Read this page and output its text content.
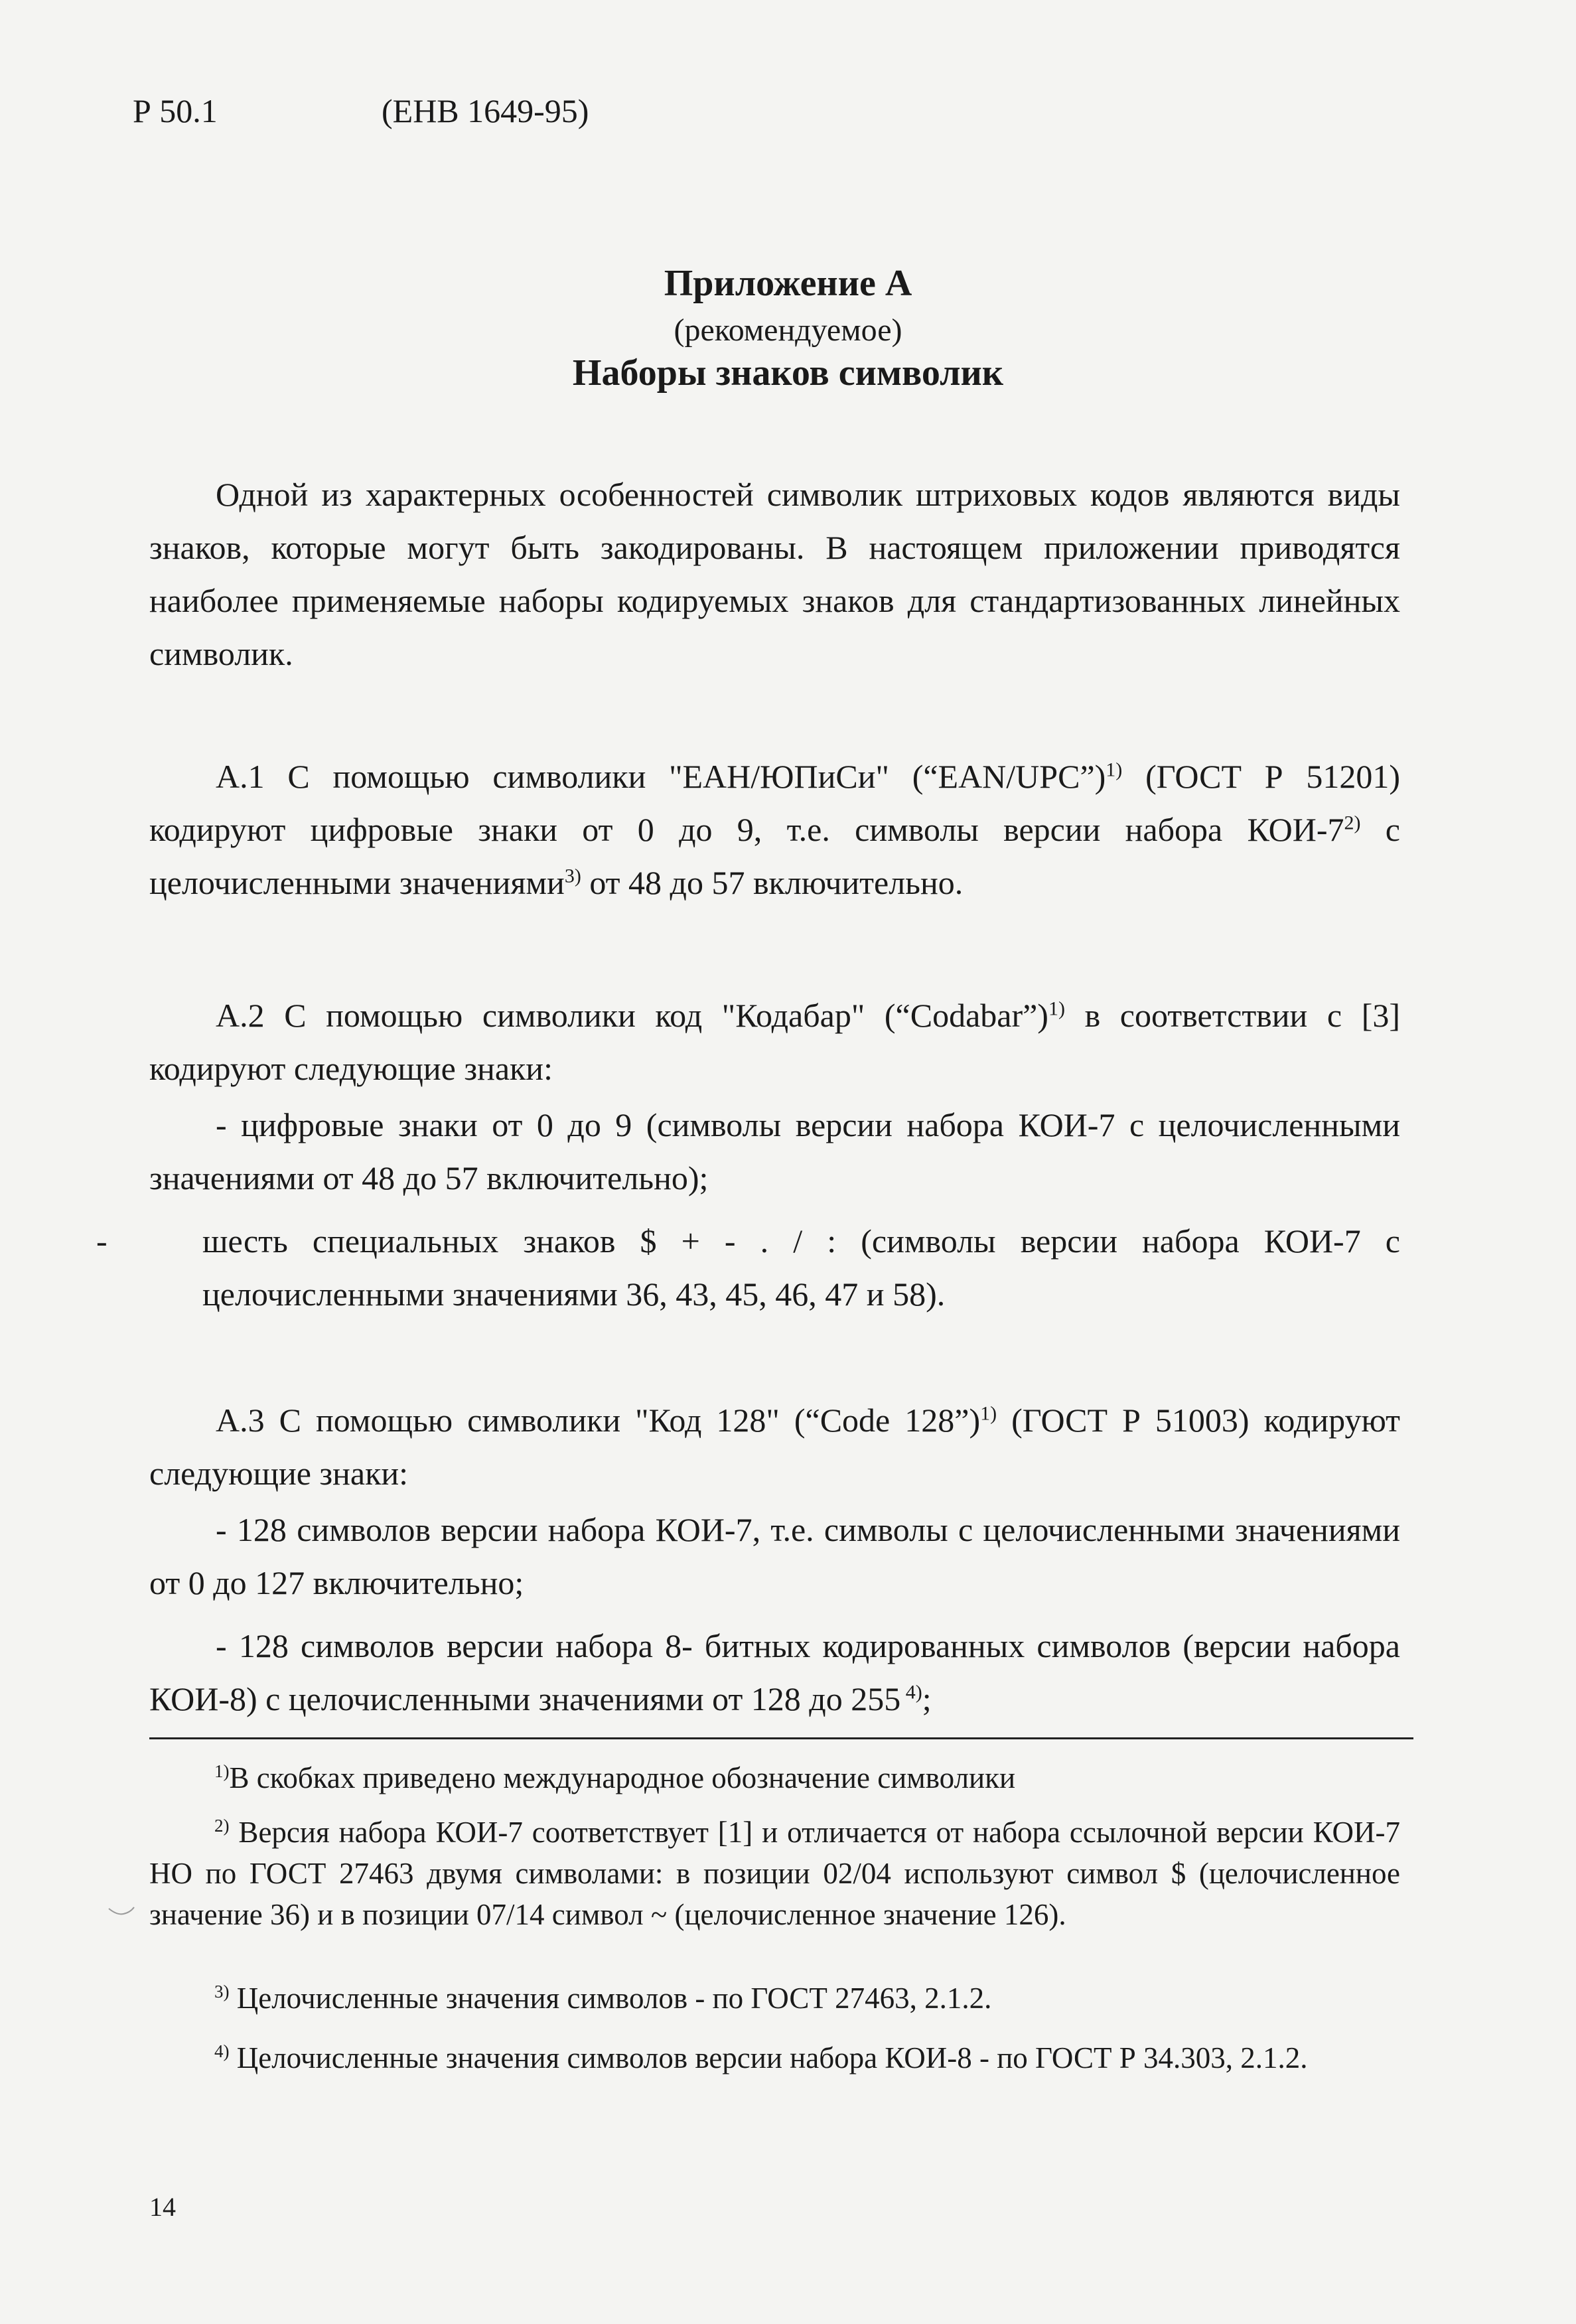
Р 50.1	(ЕНВ 1649-95)
Приложение А
(рекомендуемое)
Наборы знаков символик
Одной из характерных особенностей символик штриховых кодов являются виды знаков, которые могут быть закодированы. В настоящем приложении приводятся наиболее применяемые наборы кодируемых знаков для стандартизованных линейных символик.
А.1 С помощью символики "ЕАН/ЮПиСи" (“EAN/UPC”)$^{1)}$ (ГОСТ Р 51201) кодируют цифровые знаки от 0 до 9, т.е. символы версии набора КОИ-7$^{2)}$ с целочисленными значениями$^{3)}$ от 48 до 57 включительно.
А.2 С помощью символики код "Кодабар" (“Codabar”)$^{1)}$ в соответствии с [3] кодируют следующие знаки:
- цифровые знаки от 0 до 9 (символы версии набора КОИ-7 с целочисленными значениями от 48 до 57 включительно);
-	шесть специальных знаков $ + - . / : (символы версии набора КОИ-7 с целочисленными значениями 36, 43, 45, 46, 47 и 58).
А.3 С помощью символики "Код 128" (“Code 128”)$^{1)}$ (ГОСТ Р 51003) кодируют следующие знаки:
- 128 символов версии набора КОИ-7, т.е. символы с целочисленными значениями от 0 до 127 включительно;
- 128 символов версии набора 8- битных кодированных символов (версии набора КОИ-8) с целочисленными значениями от 128 до 255 $^{4)}$;
$^{1)}$В скобках приведено международное обозначение символики
$^{2)}$ Версия набора КОИ-7 соответствует [1] и отличается от набора ссылочной версии КОИ-7 НО по ГОСТ 27463 двумя символами: в позиции 02/04 используют символ $ (целочисленное значение 36) и в позиции 07/14 символ ~ (целочисленное значение 126).
$^{3)}$ Целочисленные значения символов - по ГОСТ 27463, 2.1.2.
$^{4)}$ Целочисленные значения символов версии набора КОИ-8 - по ГОСТ Р 34.303, 2.1.2.
14
